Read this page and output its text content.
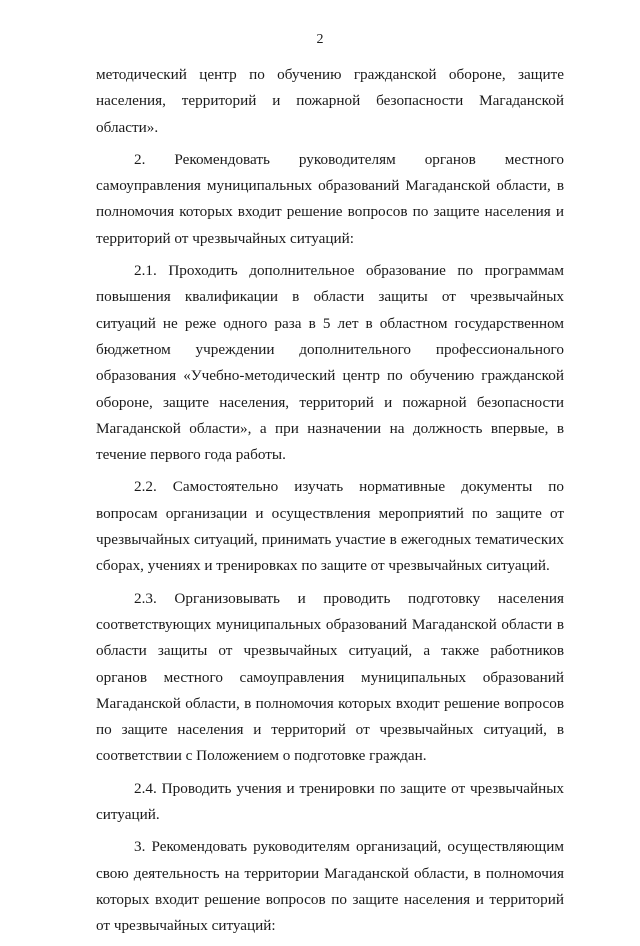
2

методический центр по обучению гражданской обороне, защите населения, территорий и пожарной безопасности Магаданской области».

2. Рекомендовать руководителям органов местного самоуправления муниципальных образований Магаданской области, в полномочия которых входит решение вопросов по защите населения и территорий от чрезвычайных ситуаций:

2.1. Проходить дополнительное образование по программам повышения квалификации в области защиты от чрезвычайных ситуаций не реже одного раза в 5 лет в областном государственном бюджетном учреждении дополнительного профессионального образования «Учебно-методический центр по обучению гражданской обороне, защите населения, территорий и пожарной безопасности Магаданской области», а при назначении на должность впервые, в течение первого года работы.

2.2. Самостоятельно изучать нормативные документы по вопросам организации и осуществления мероприятий по защите от чрезвычайных ситуаций, принимать участие в ежегодных тематических сборах, учениях и тренировках по защите от чрезвычайных ситуаций.

2.3. Организовывать и проводить подготовку населения соответствующих муниципальных образований Магаданской области в области защиты от чрезвычайных ситуаций, а также работников органов местного самоуправления муниципальных образований Магаданской области, в полномочия которых входит решение вопросов по защите населения и территорий от чрезвычайных ситуаций, в соответствии с Положением о подготовке граждан.

2.4. Проводить учения и тренировки по защите от чрезвычайных ситуаций.

3. Рекомендовать руководителям организаций, осуществляющим свою деятельность на территории Магаданской области, в полномочия которых входит решение вопросов по защите населения и территорий от чрезвычайных ситуаций:
